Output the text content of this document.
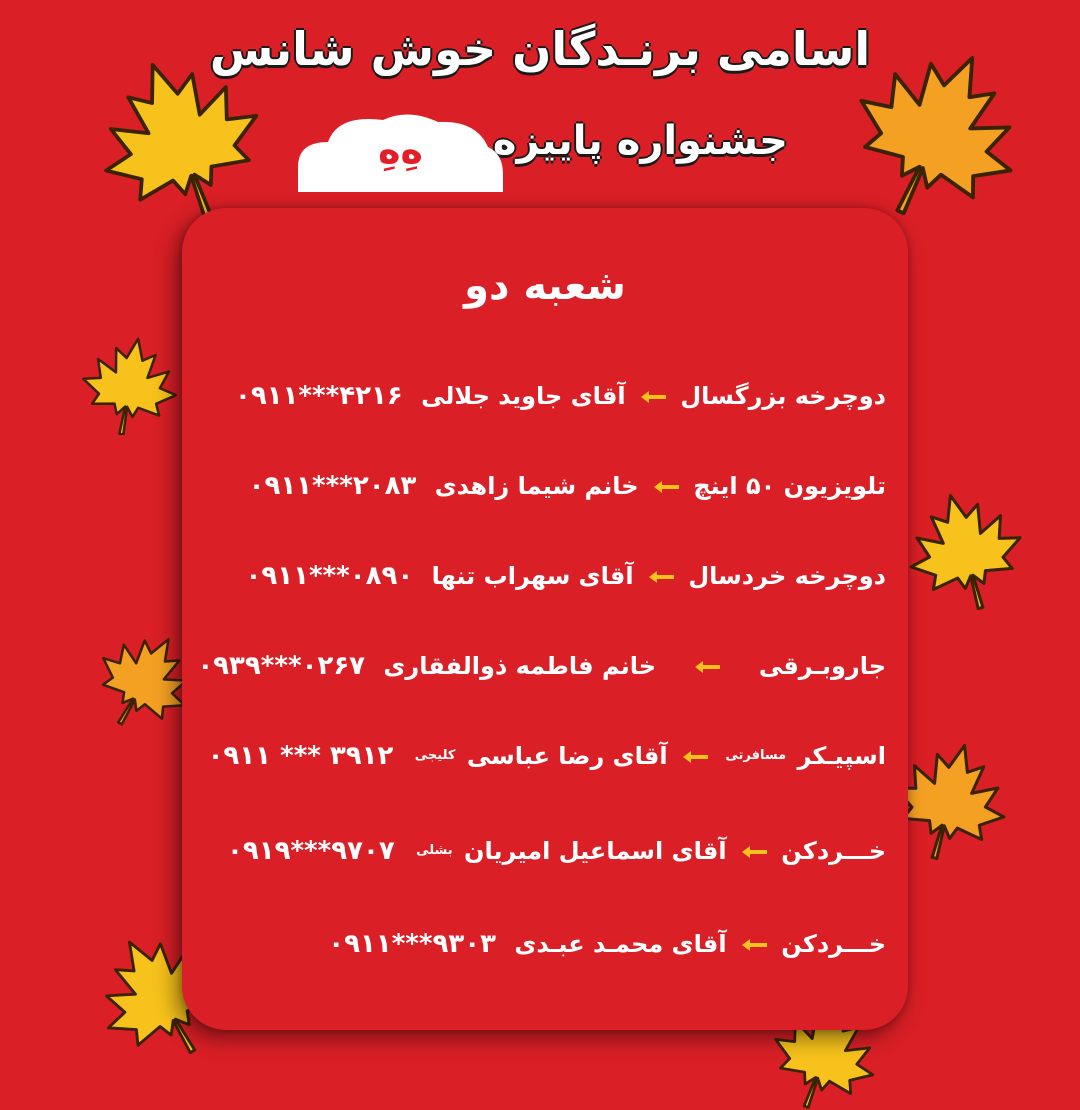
اسامی برنـدگان خوش شانس
جشنواره پاییزه
هِ‌هِ
شعبه دو
دوچرخه بزرگسال  آقای جاوید جلالی ۰۹۱۱***۴۲۱۶
تلویزیون ۵۰ اینچ  خانم شیما زاهدی ۰۹۱۱***۲۰۸۳
دوچرخه خردسال  آقای سهراب تنها ۰۹۱۱***۰۸۹۰
جاروبـرقی  خانم فاطمه ذوالفقاری ۰۹۳۹***۰۲۶۷
اسپیـکر مسافرتی  آقای رضا عباسی کلیجی ۰۹۱۱ *** ۳۹۱۲
خـــردکن  آقای اسماعیل امیریان بشلی ۰۹۱۹***۹۷۰۷
خـــردکن  آقای محمـد عبـدی ۰۹۱۱***۹۳۰۳
